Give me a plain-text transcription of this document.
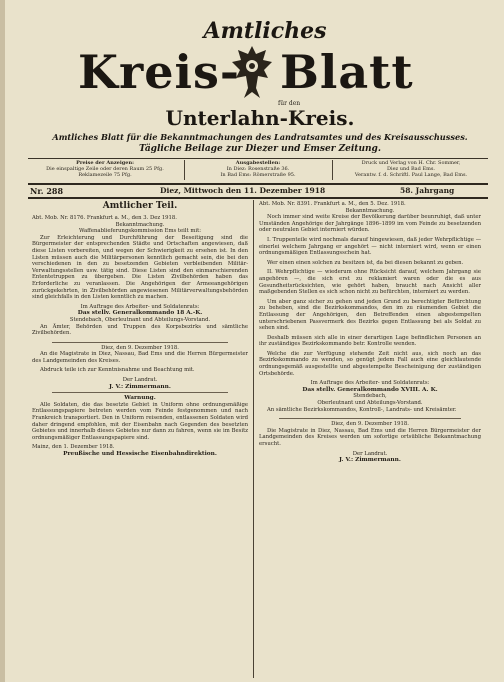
Amtliches
Kreis- Blatt
für den
Unterlahn-Kreis.
Amtliches Blatt für die Bekanntmachungen des Landratsamtes und des Kreisausschusses.
Tägliche Beilage zur Diezer und Emser Zeitung.
Preise der Anzeigen:
Die einspaltige Zeile oder deren Raum 25 Pfg.
Reklamezeile 75 Pfg.
Ausgabestellen:
In Diez: Rosenstraße 36.
In Bad Ems: Römerstraße 95.
Druck und Verlag von H. Chr. Sommer,
Diez und Bad Ems.
Verantw. f. d. Schriftl. Paul Lange, Bad Ems.
Nr. 288	Diez, Mittwoch den 11. Dezember 1918	58. Jahrgang

Amtlicher Teil.

Abt. Mob. Nr. 8176. Frankfurt a. M., den 3. Dez 1918.

Bekanntmachung.

Waffenablieferungskommission Ems teilt mit:

Zur Erleichterung und Durchführung der Beseitigung sind die Bürgermeister der entsprechenden Städte und Ortschaften angewiesen, daß diese Listen vorbereiten, und wegen der Schwierigkeit zu ersehen ist. In den Listen müssen auch die Militärpersonen kenntlich gemacht sein, die bei den verschiedenen in den zu besetzenden Gebieten verbleibenden Militär-Verwaltungsstellen usw. tätig sind. Diese Listen sind den einmarschierenden Ententetruppen zu übergeben. Die Listen Zivilbehörden haben das Erforderliche zu veranlassen. Die Angehörigen der Armeeangehörigen zurückgekehrten, in Zivilbehörden angewiesenen Militärverwaltungsbehörden sind gleichfalls in den Listen kenntlich zu machen.

Im Auftrage des Arbeiter- und Soldatenrats:

Das stellv. Generalkommando 18 A.-K.

Stendebach, Oberleutnant und Abteilungs-Vorstand.

An Ämter, Behörden und Truppen des Korpsbezirks und sämtliche Zivilbehörden.

Diez, den 9. Dezember 1918.

An die Magistrate in Diez, Nassau, Bad Ems und die Herren Bürgermeister des Landgemeinden des Kreises.

Abdruck teile ich zur Kenntnisnahme und Beachtung mit.

Der Landrat.

J. V.: Zimmermann.

Warnung.

Alle Soldaten, die das besetzte Gebiet in Uniform ohne ordnungsmäßige Entlassungspapiere betreten werden vom Feinde festgenommen und nach Frankreich transportiert. Den in Uniform reisenden, entlassenen Soldaten wird daher dringend empfohlen, mit der Eisenbahn nach Gegenden des besetzten Gebietes und innerhalb dieses Gebietes nur dann zu fahren, wenn sie im Besitz ordnungsmäßiger Entlassungspapiere sind.

Mainz, den 1. Dezember 1918.

Preußische und Hessische Eisenbahndirektion.

Abt. Mob. Nr. 8391. Frankfurt a. M., den 5. Dez. 1918.

Bekanntmachung.

Noch immer sind weite Kreise der Bevölkerung darüber beunruhigt, daß unter Umständen Angehörige der Jahrgänge 1896–1899 im vom Feinde zu besetzenden oder neutralen Gebiet interniert würden.

I. Truppenteile wird nochmals darauf hingewiesen, daß jeder Wehrpflichtige — einerlei welchem Jahrgang er angehört — nicht interniert wird, wenn er einen ordnungsmäßigen Entlassungsschein hat.

Wer einen einen solchen zu besitzen ist, da bei diesen bekannt zu geben.

II. Wehrpflichtige — wiederum ohne Rücksicht darauf, welchem Jahrgang sie angehören —, die sich erst zu reklamiert waren oder die es aus Gesundheitsrücksichten, wie gehört haben, braucht nach Ansicht aller maßgebenden Stellen es sich schon nicht zu befürchten, interniert zu werden.

Um aber ganz sicher zu gehen und jeden Grund zu berechtigter Befürchtung zu beheben, sind die Bezirkskommandos, den im zu räumenden Gebiet die Entlassung der Angehörigen, den Betreffenden einen abgestempelten unterschriebenen Passvermerk des Bezirks gegen Entlassung bei als Soldat zu sehen sind.

Deshalb müssen sich alle in einer derartigen Lage befindlichen Personen an ihr zuständiges Bezirkskommando betr. Kontrolle wenden.

Welche die zur Verfügung stehende Zeit nicht aus, sich noch an das Bezirkskommando zu wenden, so genügt jedem Fall auch eine gleichlautende ordnungsgemäß ausgestellte und abgestempelte Bescheinigung der zuständigen Ortsbehörde.

Im Auftrage des Arbeiter- und Soldatenrats:

Das stellv. Generalkommando XVIII. A. K.

Stendebach,

Oberleutnant und Abteilungs-Vorstand.

An sämtliche Bezirkskommandos, Kontroll-, Landrats- und Kreisämter.

Diez, den 9. Dezember 1918.

Die Magistrate in Diez, Nassau, Bad Ems und die Herren Bürgermeister der Landgemeinden des Kreises werden um sofortige ortsübliche Bekanntmachung ersucht.

Der Landrat.

J. V.: Zimmermann.
